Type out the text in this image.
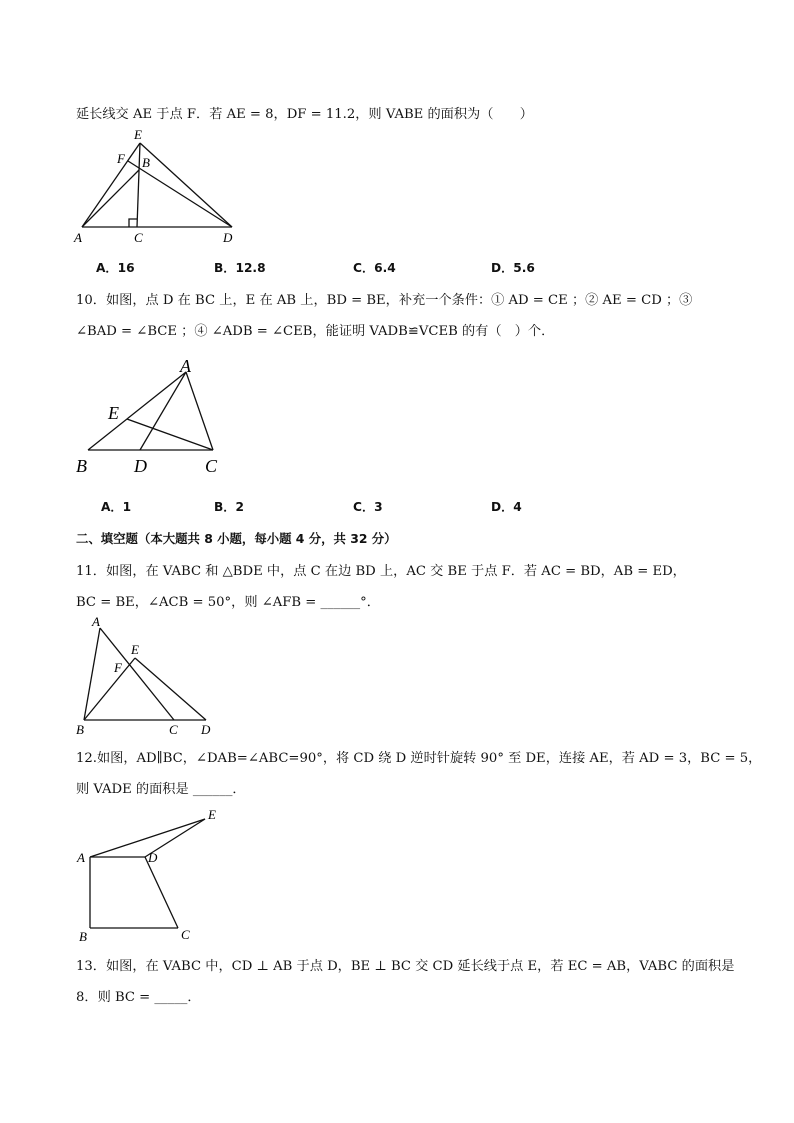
延长线交 AE 于点 F．若 AE = 8，DF = 11.2，则 VABE 的面积为（　　）
E
F B
A	C	D
A．16	B．12.8	C．6.4	D．5.6
10．如图，点 D 在 BC 上，E 在 AB 上，BD = BE，补充一个条件：① AD = CE ；② AE = CD ；③
∠BAD = ∠BCE ；④ ∠ADB = ∠CEB，能证明 VADB≌VCEB 的有（　）个．
A
E
B	D	C
A．1	B．2	C．3	D．4
二、填空题（本大题共 8 小题，每小题 4 分，共 32 分）
11．如图，在 VABC 和 △BDE 中，点 C 在边 BD 上，AC 交 BE 于点 F．若 AC = BD，AB = ED，
BC = BE，∠ACB = 50°，则 ∠AFB = ______°．
A
E
F
B	C D
12.如图，AD∥BC，∠DAB=∠ABC=90°，将 CD 绕 D 逆时针旋转 90° 至 DE，连接 AE，若 AD = 3，BC = 5，
则 VADE 的面积是 ______．
E
A	D
B	C
13．如图，在 VABC 中，CD ⊥ AB 于点 D，BE ⊥ BC 交 CD 延长线于点 E，若 EC = AB，VABC 的面积是
8．则 BC = _____．
